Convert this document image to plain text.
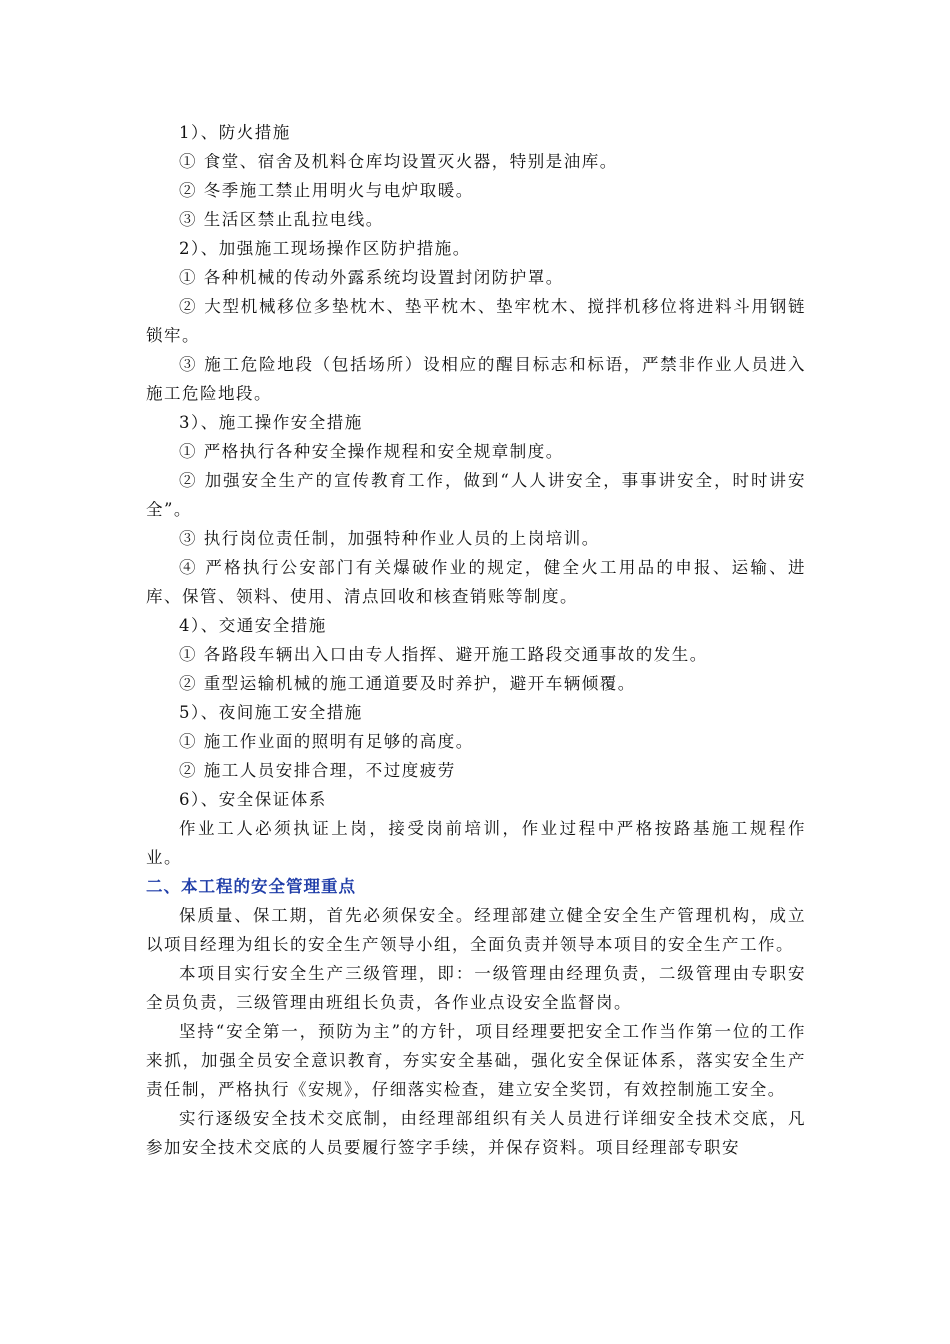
1）、防火措施

① 食堂、宿舍及机料仓库均设置灭火器，特别是油库。

② 冬季施工禁止用明火与电炉取暖。

③ 生活区禁止乱拉电线。

2）、加强施工现场操作区防护措施。

① 各种机械的传动外露系统均设置封闭防护罩。

② 大型机械移位多垫枕木、垫平枕木、垫牢枕木、搅拌机移位将进料斗用钢链锁牢。

③ 施工危险地段（包括场所）设相应的醒目标志和标语，严禁非作业人员进入施工危险地段。

3）、施工操作安全措施

① 严格执行各种安全操作规程和安全规章制度。

② 加强安全生产的宣传教育工作，做到“人人讲安全，事事讲安全，时时讲安全”。

③ 执行岗位责任制，加强特种作业人员的上岗培训。

④ 严格执行公安部门有关爆破作业的规定，健全火工用品的申报、运输、进库、保管、领料、使用、清点回收和核查销账等制度。

4）、交通安全措施

① 各路段车辆出入口由专人指挥、避开施工路段交通事故的发生。

② 重型运输机械的施工通道要及时养护，避开车辆倾覆。

5）、夜间施工安全措施

① 施工作业面的照明有足够的高度。

② 施工人员安排合理，不过度疲劳

6）、安全保证体系

作业工人必须执证上岗，接受岗前培训，作业过程中严格按路基施工规程作业。

二、本工程的安全管理重点

保质量、保工期，首先必须保安全。经理部建立健全安全生产管理机构，成立以项目经理为组长的安全生产领导小组，全面负责并领导本项目的安全生产工作。

本项目实行安全生产三级管理，即：一级管理由经理负责，二级管理由专职安全员负责，三级管理由班组长负责，各作业点设安全监督岗。

坚持“安全第一，预防为主”的方针，项目经理要把安全工作当作第一位的工作来抓，加强全员安全意识教育，夯实安全基础，强化安全保证体系，落实安全生产责任制，严格执行《安规》，仔细落实检查，建立安全奖罚，有效控制施工安全。

实行逐级安全技术交底制，由经理部组织有关人员进行详细安全技术交底，凡参加安全技术交底的人员要履行签字手续，并保存资料。项目经理部专职安
